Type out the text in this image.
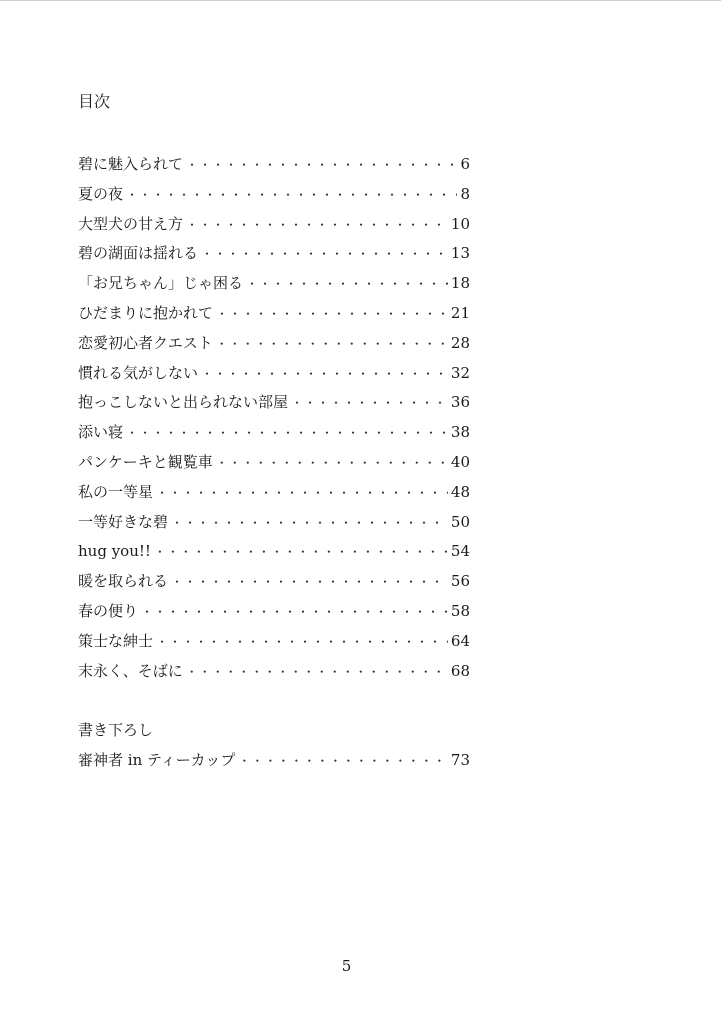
目次
碧に魅入られて ・・・・・・・・・・・・・・・・・・・・・・・・・・・・・・・・・・・・・・・・・・・・・・・・・・・・・・・・・・・・・・・・・・・・・・・・・・	6
夏の夜 ・・・・・・・・・・・・・・・・・・・・・・・・・・・・・・・・・・・・・・・・・・・・・・・・・・・・・・・・・・・・・・・・・・・・・・・・・・	8
大型犬の甘え方 ・・・・・・・・・・・・・・・・・・・・・・・・・・・・・・・・・・・・・・・・・・・・・・・・・・・・・・・・・・・・・・・・・・・・・・・・・・	10
碧の湖面は揺れる ・・・・・・・・・・・・・・・・・・・・・・・・・・・・・・・・・・・・・・・・・・・・・・・・・・・・・・・・・・・・・・・・・・・・・・・・・・	13
「お兄ちゃん」じゃ困る ・・・・・・・・・・・・・・・・・・・・・・・・・・・・・・・・・・・・・・・・・・・・・・・・・・・・・・・・・・・・・・・・・・・・・・・・・・	18
ひだまりに抱かれて ・・・・・・・・・・・・・・・・・・・・・・・・・・・・・・・・・・・・・・・・・・・・・・・・・・・・・・・・・・・・・・・・・・・・・・・・・・	21
恋愛初心者クエスト ・・・・・・・・・・・・・・・・・・・・・・・・・・・・・・・・・・・・・・・・・・・・・・・・・・・・・・・・・・・・・・・・・・・・・・・・・・	28
慣れる気がしない ・・・・・・・・・・・・・・・・・・・・・・・・・・・・・・・・・・・・・・・・・・・・・・・・・・・・・・・・・・・・・・・・・・・・・・・・・・	32
抱っこしないと出られない部屋 ・・・・・・・・・・・・・・・・・・・・・・・・・・・・・・・・・・・・・・・・・・・・・・・・・・・・・・・・・・・・・・・・・・・・・・・・・・	36
添い寝 ・・・・・・・・・・・・・・・・・・・・・・・・・・・・・・・・・・・・・・・・・・・・・・・・・・・・・・・・・・・・・・・・・・・・・・・・・・	38
パンケーキと観覧車 ・・・・・・・・・・・・・・・・・・・・・・・・・・・・・・・・・・・・・・・・・・・・・・・・・・・・・・・・・・・・・・・・・・・・・・・・・・	40
私の一等星 ・・・・・・・・・・・・・・・・・・・・・・・・・・・・・・・・・・・・・・・・・・・・・・・・・・・・・・・・・・・・・・・・・・・・・・・・・・	48
一等好きな碧 ・・・・・・・・・・・・・・・・・・・・・・・・・・・・・・・・・・・・・・・・・・・・・・・・・・・・・・・・・・・・・・・・・・・・・・・・・・	50
hug you!! ・・・・・・・・・・・・・・・・・・・・・・・・・・・・・・・・・・・・・・・・・・・・・・・・・・・・・・・・・・・・・・・・・・・・・・・・・・	54
暖を取られる ・・・・・・・・・・・・・・・・・・・・・・・・・・・・・・・・・・・・・・・・・・・・・・・・・・・・・・・・・・・・・・・・・・・・・・・・・・	56
春の便り ・・・・・・・・・・・・・・・・・・・・・・・・・・・・・・・・・・・・・・・・・・・・・・・・・・・・・・・・・・・・・・・・・・・・・・・・・・	58
策士な紳士 ・・・・・・・・・・・・・・・・・・・・・・・・・・・・・・・・・・・・・・・・・・・・・・・・・・・・・・・・・・・・・・・・・・・・・・・・・・	64
末永く、そばに ・・・・・・・・・・・・・・・・・・・・・・・・・・・・・・・・・・・・・・・・・・・・・・・・・・・・・・・・・・・・・・・・・・・・・・・・・・	68
書き下ろし
審神者 in ティーカップ ・・・・・・・・・・・・・・・・・・・・・・・・・・・・・・・・・・・・・・・・・・・・・・・・・・・・・・・・・・・・・・・・・・・・・・・・・・	73
5
